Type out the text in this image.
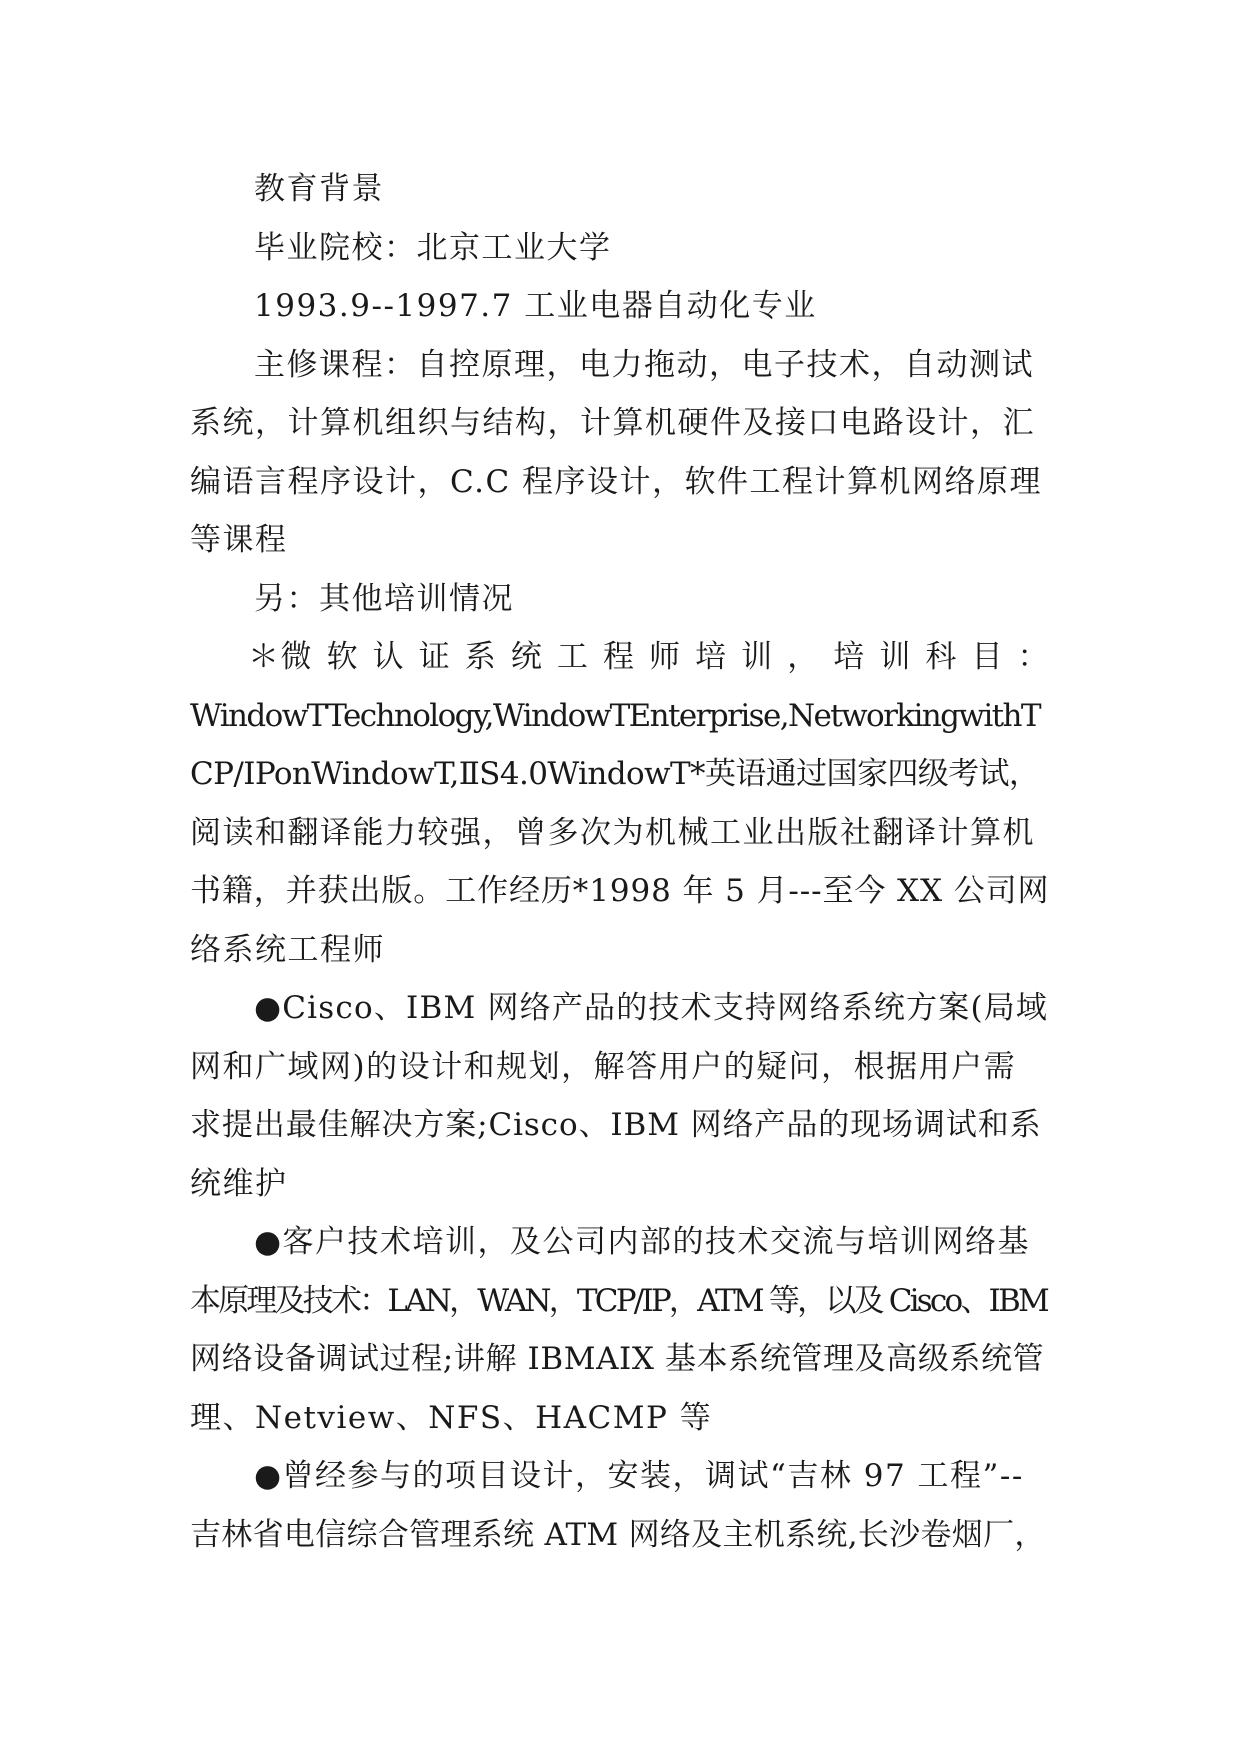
教育背景
毕业院校：北京工业大学
1993.9--1997.7 工业电器自动化专业
主修课程：自控原理，电力拖动，电子技术，自动测试
系统，计算机组织与结构，计算机硬件及接口电路设计，汇
编语言程序设计，C.C 程序设计，软件工程计算机网络原理
等课程
另：其他培训情况
＊微 软 认 证 系 统 工 程 师 培 训 ， 培 训 科 目 ：
WindowTTechnology,WindowTEnterprise,NetworkingwithT
CP/IPonWindowT,ⅡS4.0WindowT*英语通过国家四级考试，
阅读和翻译能力较强，曾多次为机械工业出版社翻译计算机
书籍，并获出版。工作经历*1998 年 5 月---至今 XX 公司网
络系统工程师
●Cisco、IBM 网络产品的技术支持网络系统方案(局域
网和广域网)的设计和规划，解答用户的疑问，根据用户需
求提出最佳解决方案;Cisco、IBM 网络产品的现场调试和系
统维护
●客户技术培训，及公司内部的技术交流与培训网络基
本原理及技术：LAN，WAN，TCP/IP，ATM 等，以及 Cisco、IBM
网络设备调试过程;讲解 IBMAIX 基本系统管理及高级系统管
理、Netview、NFS、HACMP 等
●曾经参与的项目设计，安装，调试“吉林 97 工程”--
吉林省电信综合管理系统 ATM 网络及主机系统,长沙卷烟厂，
